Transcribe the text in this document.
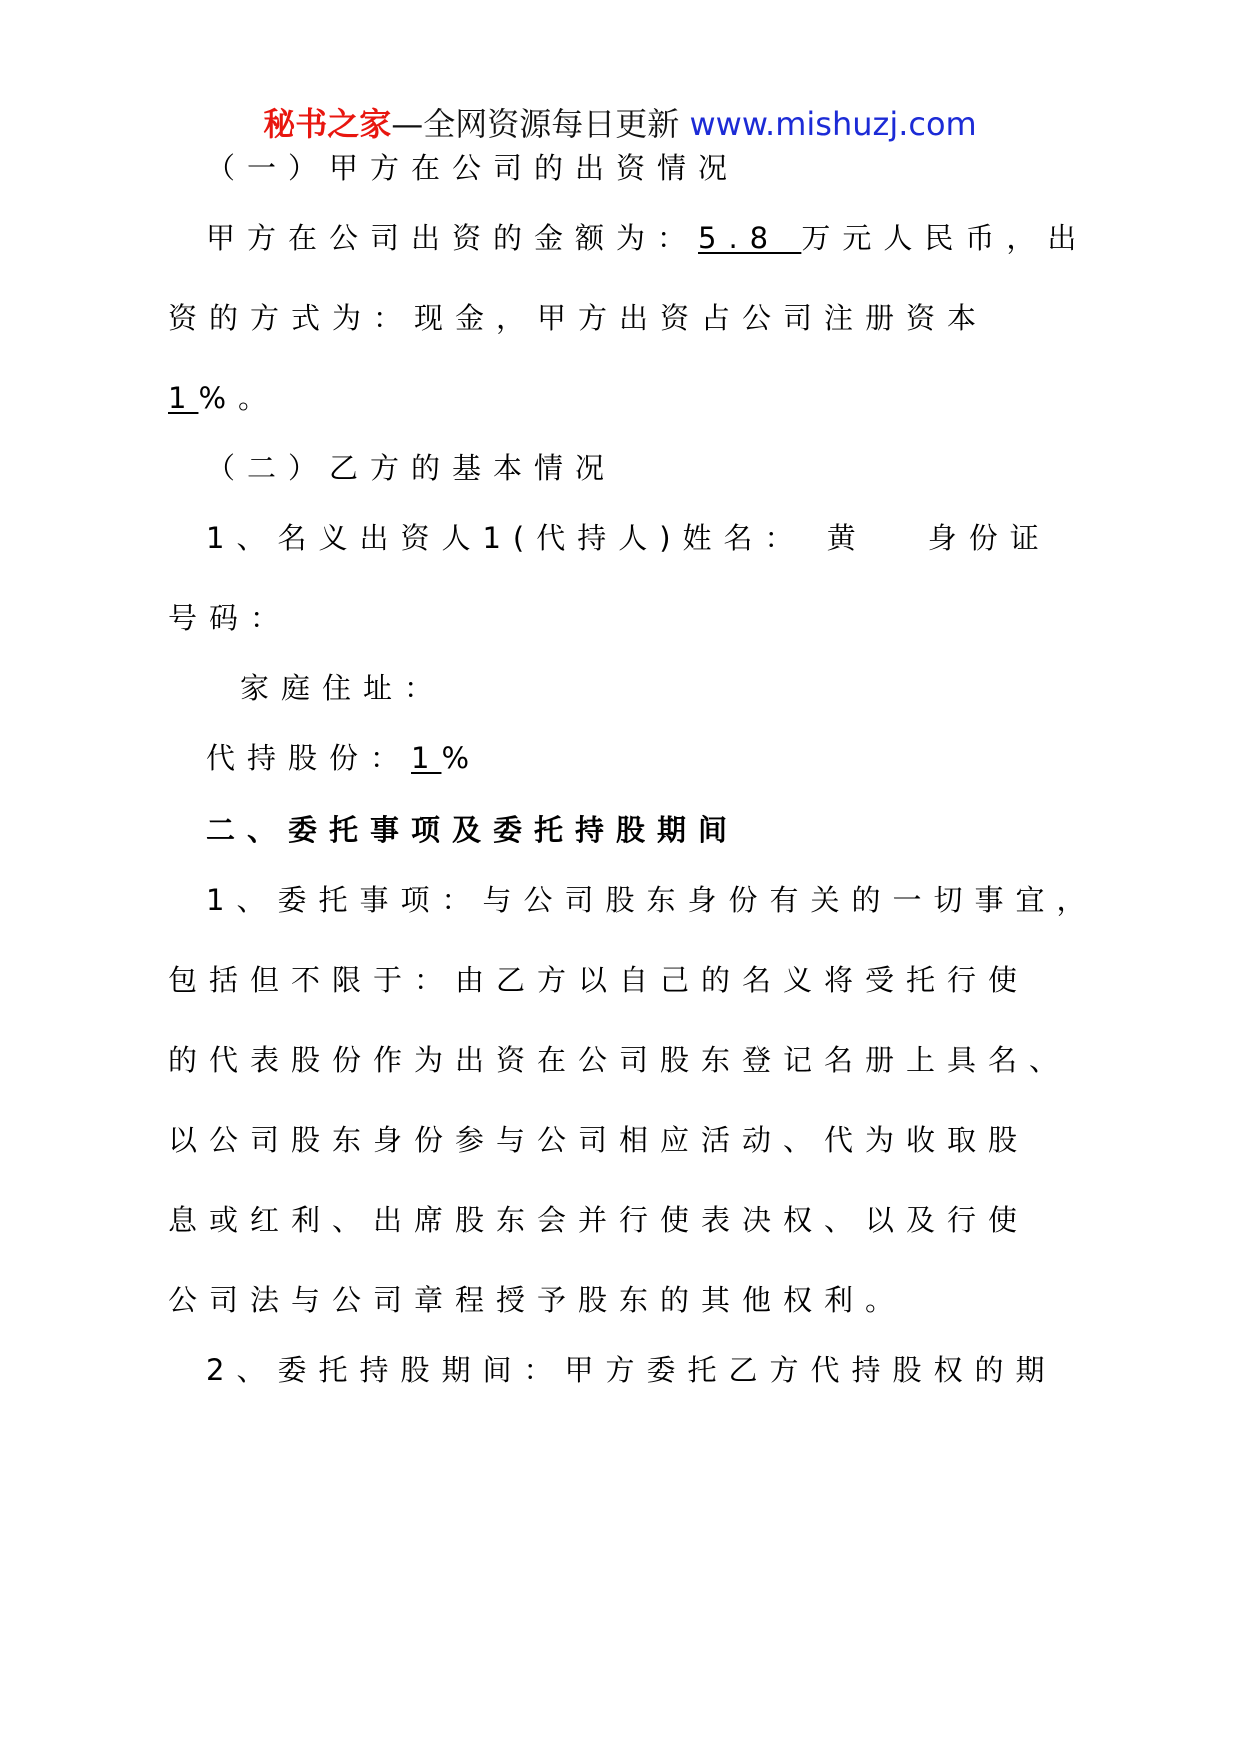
秘书之家—全网资源每日更新 www.mishuzj.com
（一）甲方在公司的出资情况
甲方在公司出资的金额为：5.8 万元人民币，出
资的方式为：现金，甲方出资占公司注册资本
1%。
（二）乙方的基本情况
1、名义出资人1(代持人)姓名： 黄 身份证
号码：
家庭住址：
代持股份：1%
二、委托事项及委托持股期间
1、委托事项：与公司股东身份有关的一切事宜，
包括但不限于：由乙方以自己的名义将受托行使
的代表股份作为出资在公司股东登记名册上具名、
以公司股东身份参与公司相应活动、代为收取股
息或红利、出席股东会并行使表决权、以及行使
公司法与公司章程授予股东的其他权利。
2、委托持股期间：甲方委托乙方代持股权的期
